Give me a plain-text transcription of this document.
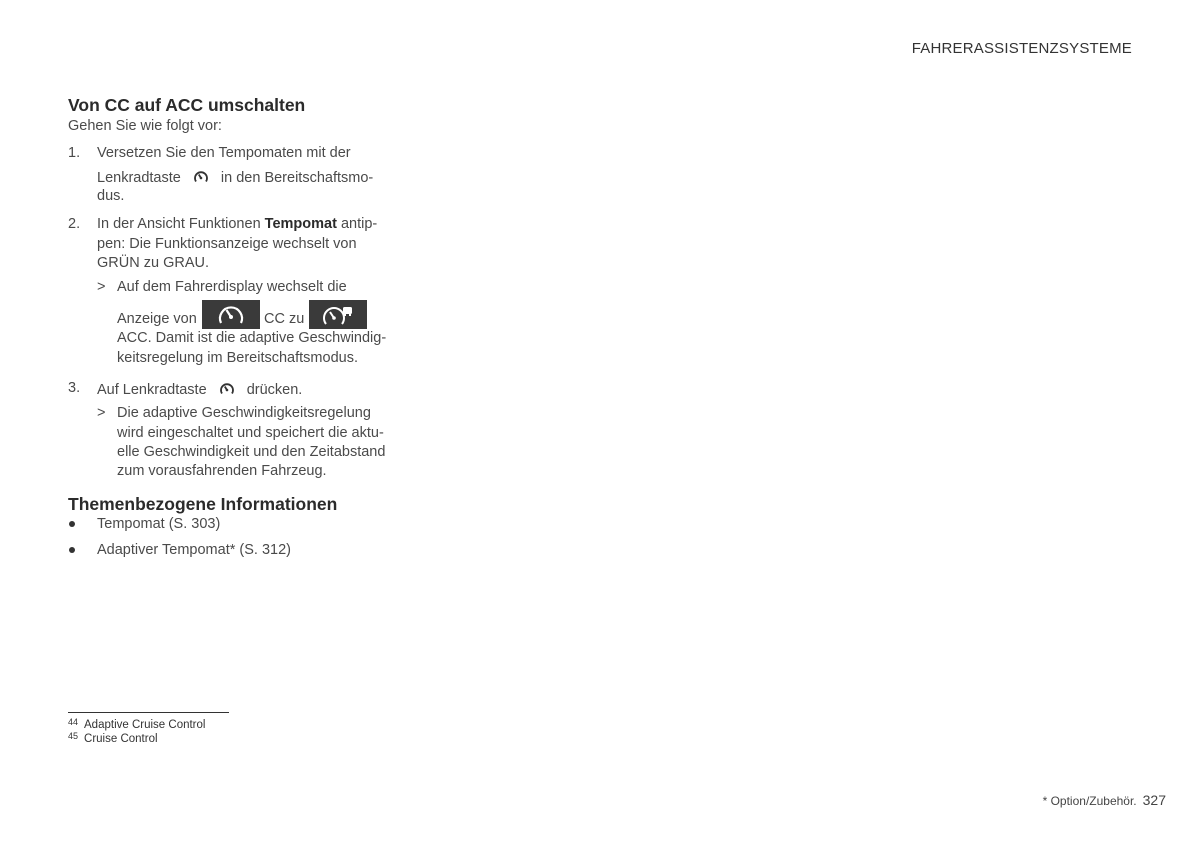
FAHRERASSISTENZSYSTEME
Von CC auf ACC umschalten
Gehen Sie wie folgt vor:
1. Versetzen Sie den Tempomaten mit der
Lenkradtaste	in den Bereitschaftsmo-
dus.
2. In der Ansicht Funktionen Tempomat antip-
pen: Die Funktionsanzeige wechselt von
GRÜN zu GRAU.
> Auf dem Fahrerdisplay wechselt die
Anzeige von	CC zu
ACC. Damit ist die adaptive Geschwindig-
keitsregelung im Bereitschaftsmodus.
3. Auf Lenkradtaste	drücken.
> Die adaptive Geschwindigkeitsregelung
wird eingeschaltet und speichert die aktu-
elle Geschwindigkeit und den Zeitabstand
zum vorausfahrenden Fahrzeug.
Themenbezogene Informationen
Tempomat (S. 303)
Adaptiver Tempomat* (S. 312)
$^{44}$ Adaptive Cruise Control
$^{45}$ Cruise Control
* Option/Zubehör. 327
